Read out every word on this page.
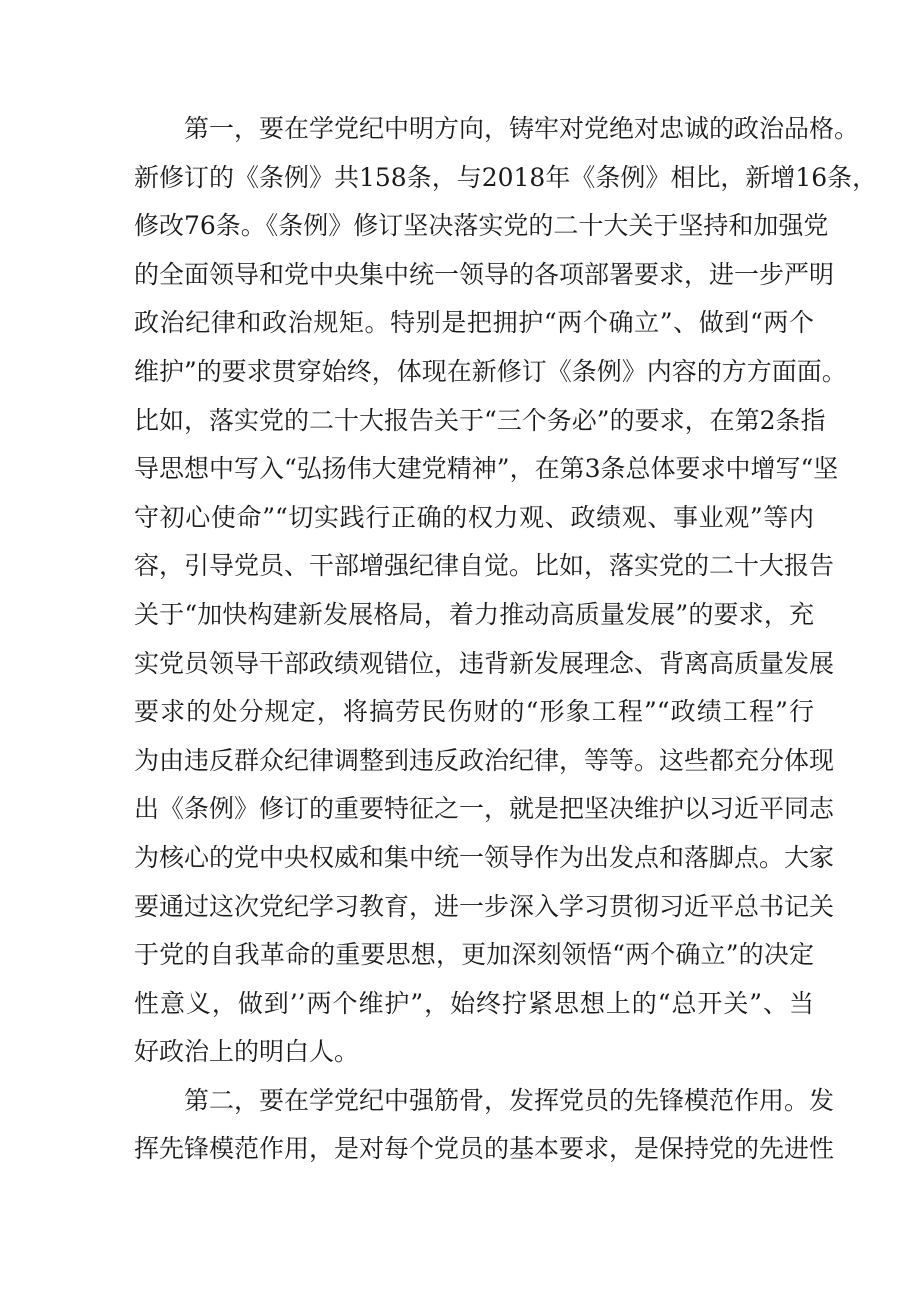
第一，要在学党纪中明方向，铸牢对党绝对忠诚的政治品格。
新修订的《条例》共158条，与2018年《条例》相比，新增16条，
修改76条。《条例》修订坚决落实党的二十大关于坚持和加强党
的全面领导和党中央集中统一领导的各项部署要求，进一步严明
政治纪律和政治规矩。特别是把拥护“两个确立”、做到“两个
维护”的要求贯穿始终，体现在新修订《条例》内容的方方面面。
比如，落实党的二十大报告关于“三个务必”的要求，在第2条指
导思想中写入“弘扬伟大建党精神”，在第3条总体要求中增写“坚
守初心使命”“切实践行正确的权力观、政绩观、事业观”等内
容，引导党员、干部增强纪律自觉。比如，落实党的二十大报告
关于“加快构建新发展格局，着力推动高质量发展”的要求，充
实党员领导干部政绩观错位，违背新发展理念、背离高质量发展
要求的处分规定，将搞劳民伤财的“形象工程”“政绩工程”行
为由违反群众纪律调整到违反政治纪律，等等。这些都充分体现
出《条例》修订的重要特征之一，就是把坚决维护以习近平同志
为核心的党中央权威和集中统一领导作为出发点和落脚点。大家
要通过这次党纪学习教育，进一步深入学习贯彻习近平总书记关
于党的自我革命的重要思想，更加深刻领悟“两个确立”的决定
性意义，做到’’两个维护”，始终拧紧思想上的“总开关”、当
好政治上的明白人。
第二，要在学党纪中强筋骨，发挥党员的先锋模范作用。发
挥先锋模范作用，是对每个党员的基本要求，是保持党的先进性
